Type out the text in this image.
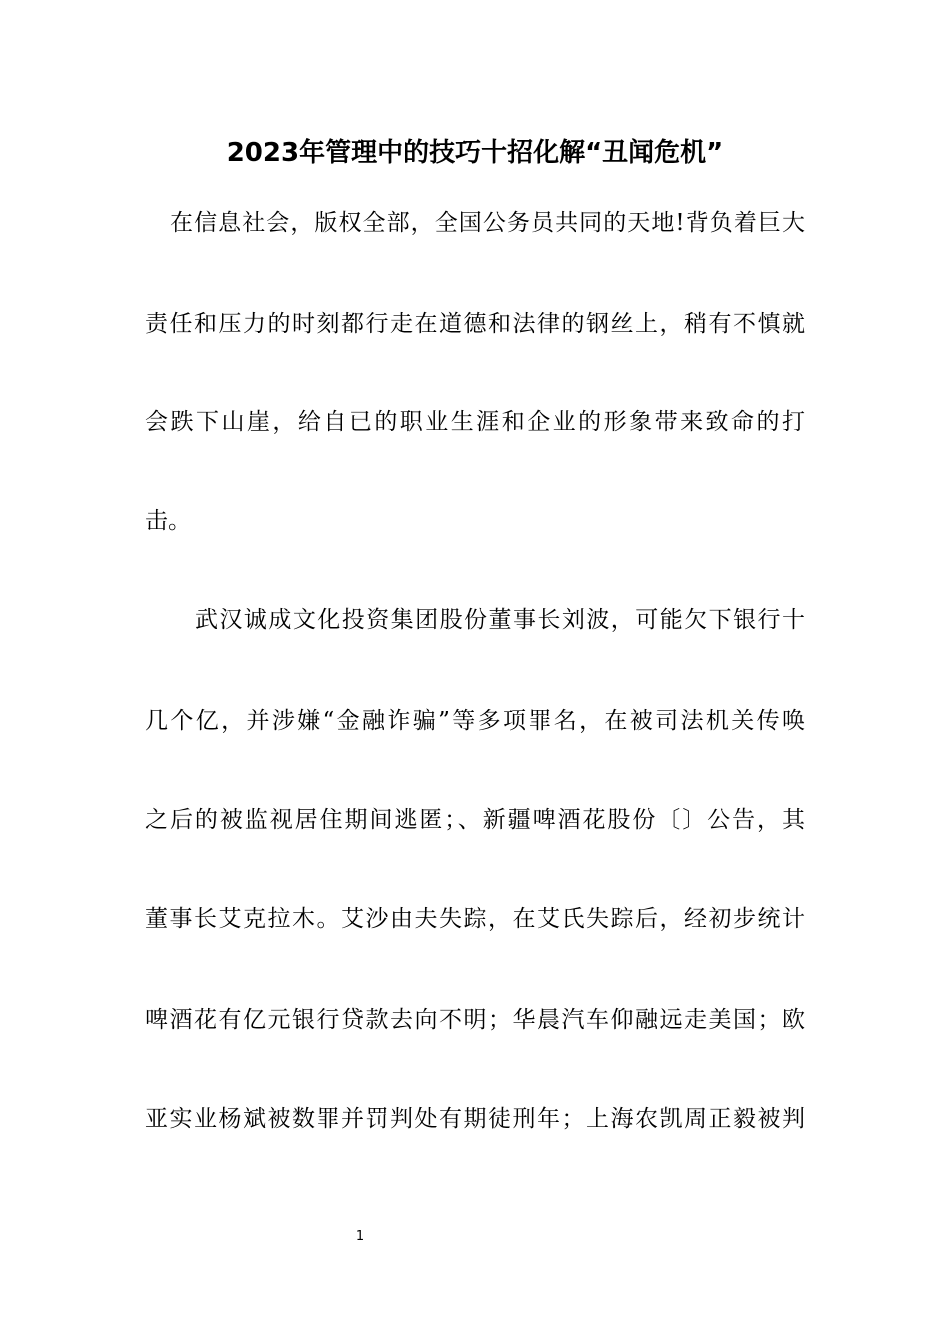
2023年管理中的技巧十招化解“丑闻危机”

在信息社会，版权全部，全国公务员共同的天地!背负着巨大

责任和压力的时刻都行走在道德和法律的钢丝上，稍有不慎就

会跌下山崖，给自已的职业生涯和企业的形象带来致命的打

击。

武汉诚成文化投资集团股份董事长刘波，可能欠下银行十

几个亿，并涉嫌“金融诈骗”等多项罪名，在被司法机关传唤

之后的被监视居住期间逃匿；、新疆啤酒花股份〔〕公告，其

董事长艾克拉木。艾沙由夫失踪，在艾氏失踪后，经初步统计

啤酒花有亿元银行贷款去向不明；华晨汽车仰融远走美国；欧

亚实业杨斌被数罪并罚判处有期徒刑年；上海农凯周正毅被判

1
